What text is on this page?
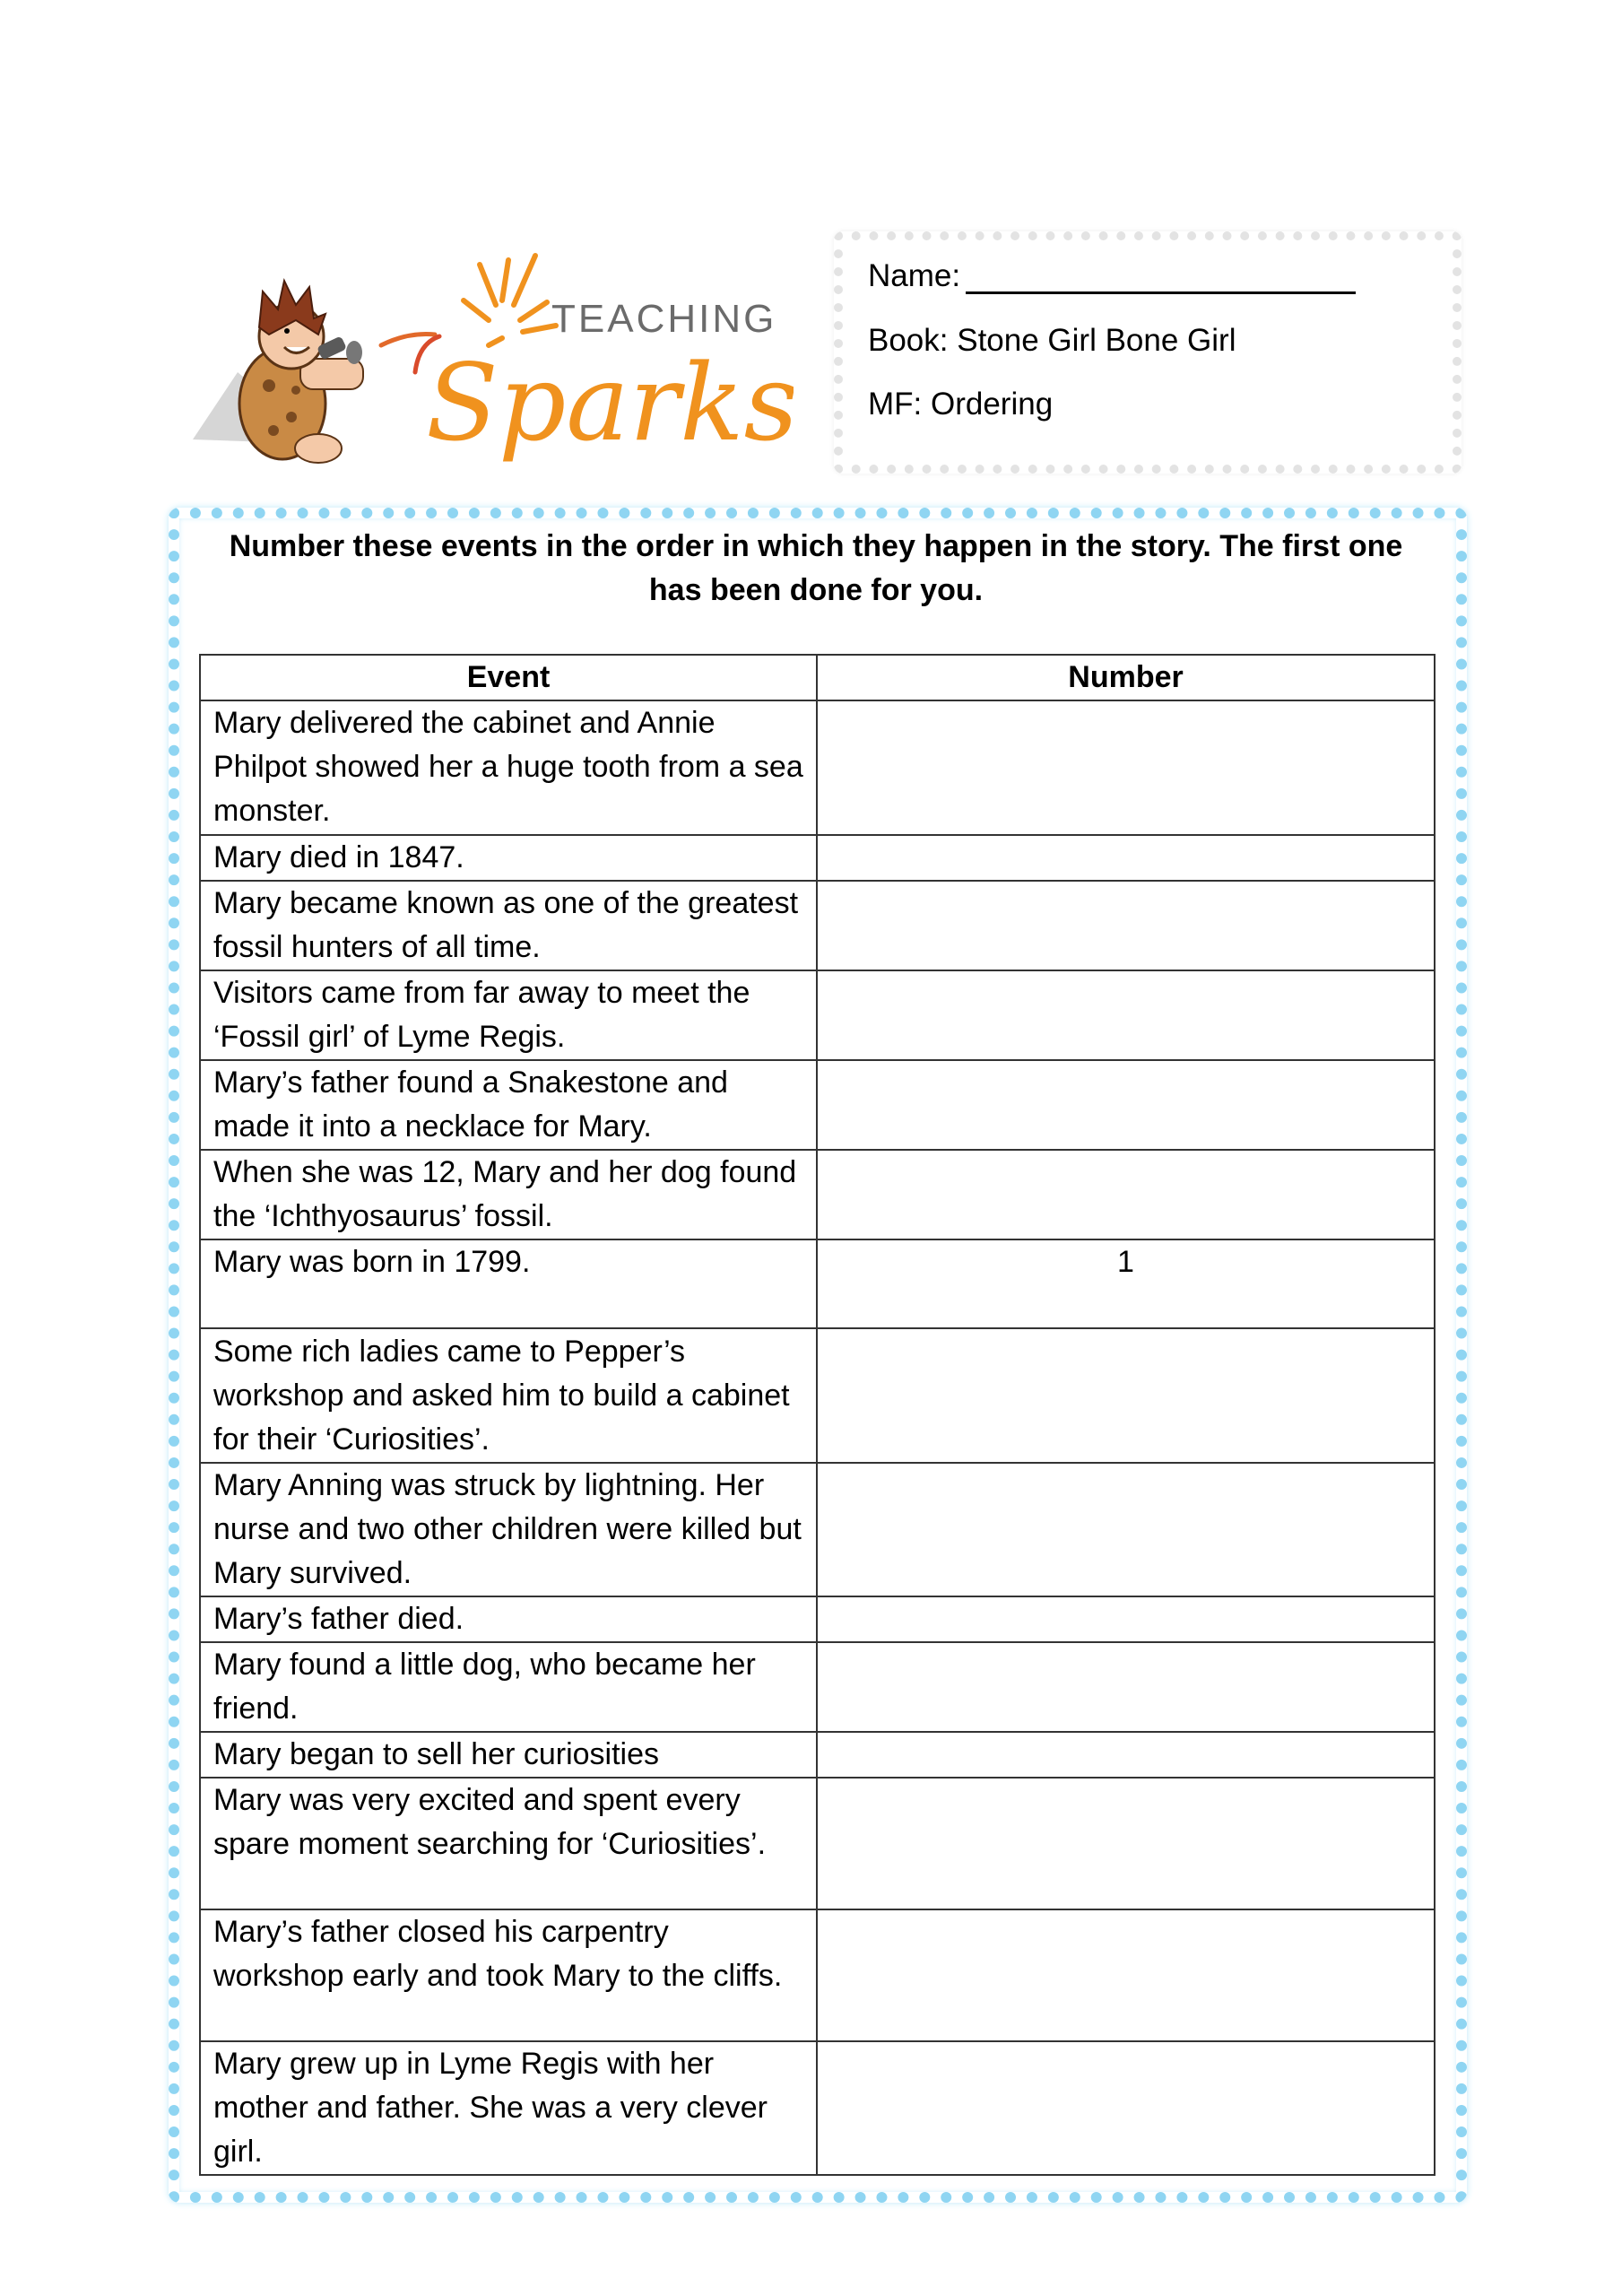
TEACHING
Sparks
Name:
Book: Stone Girl Bone Girl
MF: Ordering
Number these events in the order in which they happen in the story. The first one has been done for you.
Event	Number
Mary delivered the cabinet and Annie Philpot showed her a huge tooth from a sea monster.	
Mary died in 1847.	
Mary became known as one of the greatest fossil hunters of all time.	
Visitors came from far away to meet the ‘Fossil girl’ of Lyme Regis.	
Mary’s father found a Snakestone and made it into a necklace for Mary.	
When she was 12, Mary and her dog found the ‘Ichthyosaurus’ fossil.	
Mary was born in 1799.	1
Some rich ladies came to Pepper’s workshop and asked him to build a cabinet for their ‘Curiosities’.	
Mary Anning was struck by lightning. Her nurse and two other children were killed but Mary survived.	
Mary’s father died.	
Mary found a little dog, who became her friend.	
Mary began to sell her curiosities	
Mary was very excited and spent every spare moment searching for ‘Curiosities’.	
Mary’s father closed his carpentry workshop early and took Mary to the cliffs.	
Mary grew up in Lyme Regis with her mother and father. She was a very clever girl.	
